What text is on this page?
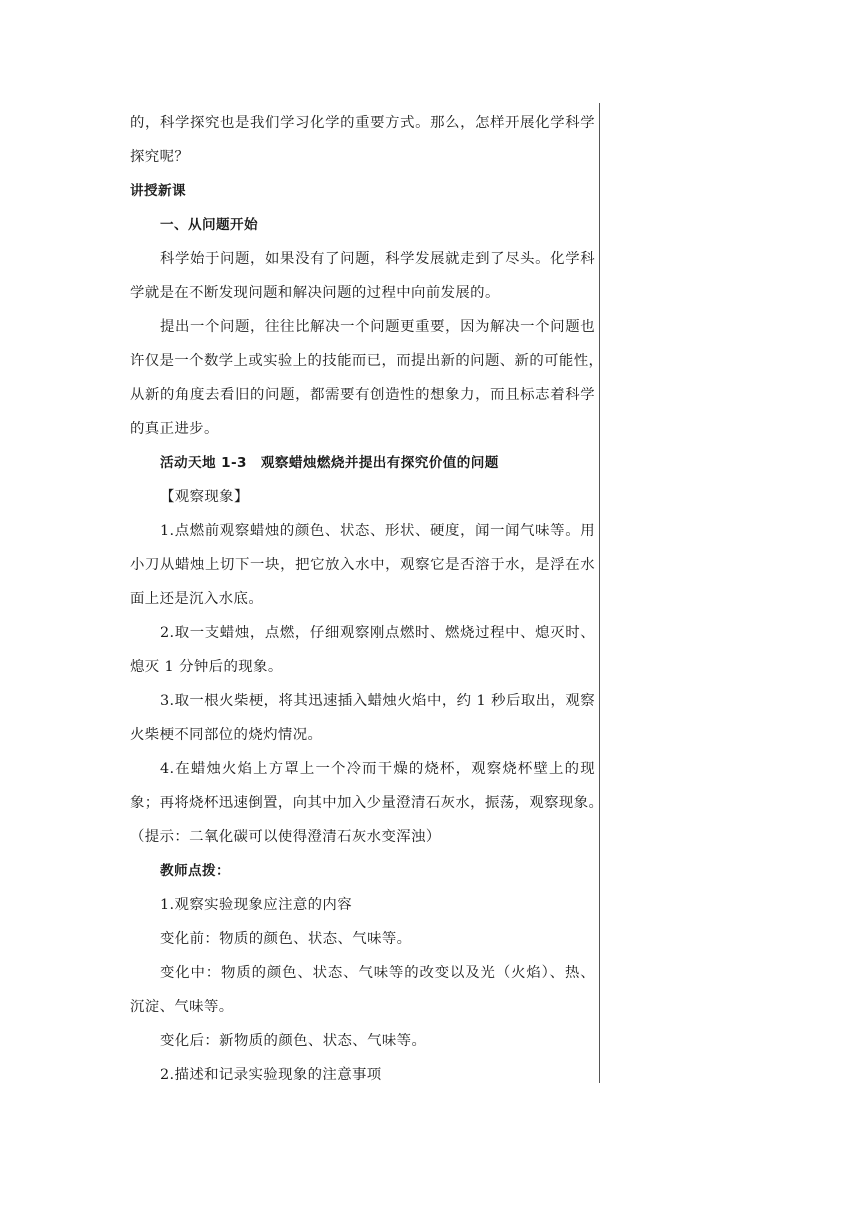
的，科学探究也是我们学习化学的重要方式。那么，怎样开展化学科学
探究呢？
讲授新课
一、从问题开始
科学始于问题，如果没有了问题，科学发展就走到了尽头。化学科
学就是在不断发现问题和解决问题的过程中向前发展的。
提出一个问题，往往比解决一个问题更重要，因为解决一个问题也
许仅是一个数学上或实验上的技能而已，而提出新的问题、新的可能性，
从新的角度去看旧的问题，都需要有创造性的想象力，而且标志着科学
的真正进步。
活动天地 1-3　观察蜡烛燃烧并提出有探究价值的问题
【观察现象】
1.点燃前观察蜡烛的颜色、状态、形状、硬度，闻一闻气味等。用
小刀从蜡烛上切下一块，把它放入水中，观察它是否溶于水，是浮在水
面上还是沉入水底。
2.取一支蜡烛，点燃，仔细观察刚点燃时、燃烧过程中、熄灭时、
熄灭 1 分钟后的现象。
3.取一根火柴梗，将其迅速插入蜡烛火焰中，约 1 秒后取出，观察
火柴梗不同部位的烧灼情况。
4.在蜡烛火焰上方罩上一个冷而干燥的烧杯，观察烧杯壁上的现
象；再将烧杯迅速倒置，向其中加入少量澄清石灰水，振荡，观察现象。
（提示：二氧化碳可以使得澄清石灰水变浑浊）
教师点拨：
1.观察实验现象应注意的内容
变化前：物质的颜色、状态、气味等。
变化中：物质的颜色、状态、气味等的改变以及光（火焰）、热、
沉淀、气味等。
变化后：新物质的颜色、状态、气味等。
2.描述和记录实验现象的注意事项
